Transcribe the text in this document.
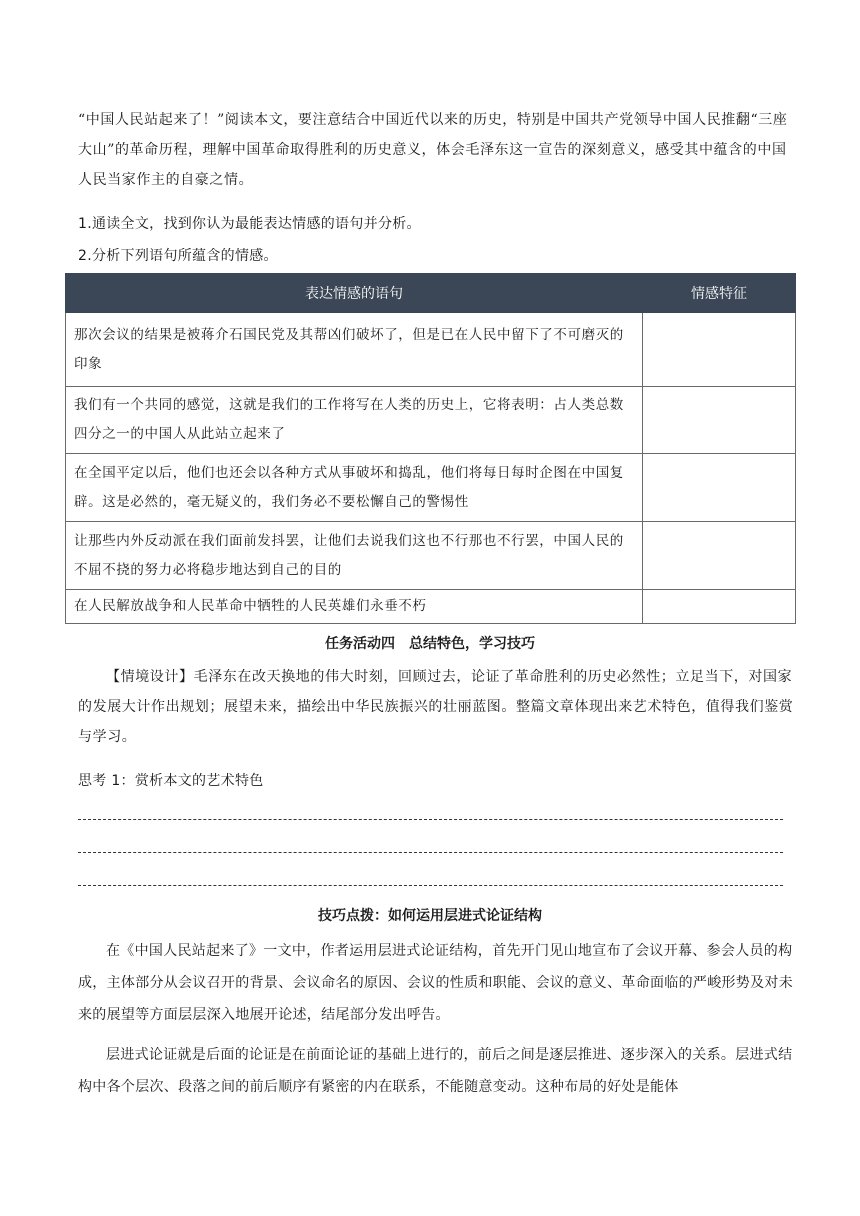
“中国人民站起来了！”阅读本文，要注意结合中国近代以来的历史，特别是中国共产党领导中国人民推翻“三座大山”的革命历程，理解中国革命取得胜利的历史意义，体会毛泽东这一宣告的深刻意义，感受其中蕴含的中国人民当家作主的自豪之情。

1.通读全文，找到你认为最能表达情感的语句并分析。

2.分析下列语句所蕴含的情感。

表达情感的语句	情感特征
那次会议的结果是被蒋介石国民党及其帮凶们破坏了，但是已在人民中留下了不可磨灭的印象	
我们有一个共同的感觉，这就是我们的工作将写在人类的历史上，它将表明：占人类总数四分之一的中国人从此站立起来了	
在全国平定以后，他们也还会以各种方式从事破坏和捣乱，他们将每日每时企图在中国复辟。这是必然的，毫无疑义的，我们务必不要松懈自己的警惕性	
让那些内外反动派在我们面前发抖罢，让他们去说我们这也不行那也不行罢，中国人民的不屈不挠的努力必将稳步地达到自己的目的	
在人民解放战争和人民革命中牺牲的人民英雄们永垂不朽	

任务活动四　总结特色，学习技巧

【情境设计】毛泽东在改天换地的伟大时刻，回顾过去，论证了革命胜利的历史必然性；立足当下，对国家的发展大计作出规划；展望未来，描绘出中华民族振兴的壮丽蓝图。整篇文章体现出来艺术特色，值得我们鉴赏与学习。

思考 1：赏析本文的艺术特色

技巧点拨：如何运用层进式论证结构

在《中国人民站起来了》一文中，作者运用层进式论证结构，首先开门见山地宣布了会议开幕、参会人员的构成，主体部分从会议召开的背景、会议命名的原因、会议的性质和职能、会议的意义、革命面临的严峻形势及对未来的展望等方面层层深入地展开论述，结尾部分发出呼告。

层进式论证就是后面的论证是在前面论证的基础上进行的，前后之间是逐层推进、逐步深入的关系。层进式结构中各个层次、段落之间的前后顺序有紧密的内在联系，不能随意变动。这种布局的好处是能体
